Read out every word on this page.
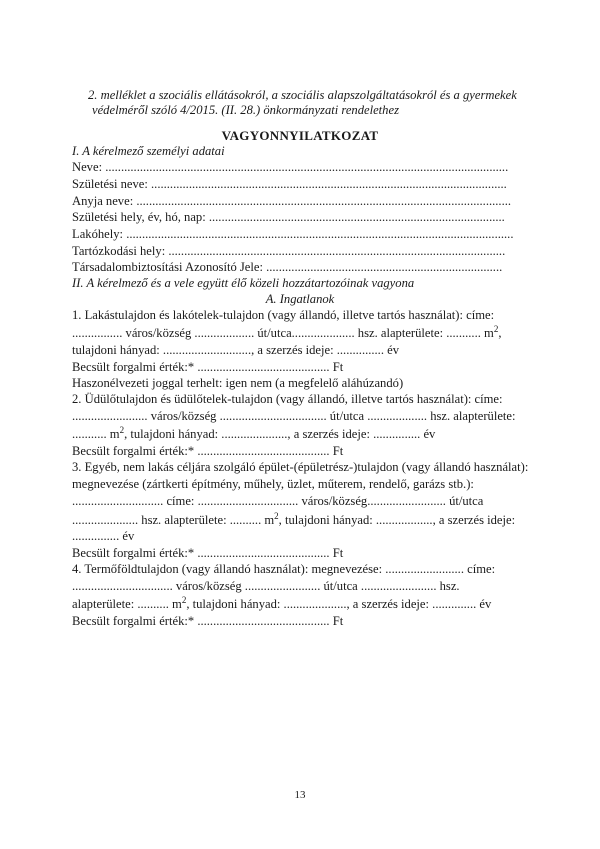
2. melléklet a szociális ellátásokról, a szociális alapszolgáltatásokról és a gyermekek
védelméről szóló 4/2015. (II. 28.) önkormányzati rendelethez
VAGYONNYILATKOZAT
I. A kérelmező személyi adatai
Neve: ................................................................................................................................
Születési neve: .................................................................................................................
Anyja neve: .......................................................................................................................
Születési hely, év, hó, nap: ..............................................................................................
Lakóhely: ...........................................................................................................................
Tartózkodási hely: ...........................................................................................................
Társadalombiztosítási Azonosító Jele: ...........................................................................
II. A kérelmező és a vele együtt élő közeli hozzátartozóinak vagyona
A. Ingatlanok
1. Lakástulajdon és lakótelek-tulajdon (vagy állandó, illetve tartós használat): címe:
................ város/község ................... út/utca.................... hsz. alapterülete: ........... $m^2$,
tulajdoni hányad: ............................, a szerzés ideje: ............... év
Becsült forgalmi érték:* .......................................... Ft
Haszonélvezeti joggal terhelt: igen nem (a megfelelő aláhúzandó)
2. Üdülőtulajdon és üdülőtelek-tulajdon (vagy állandó, illetve tartós használat): címe:
........................ város/község .................................. út/utca ................... hsz. alapterülete:
........... $m^2$, tulajdoni hányad: ....................., a szerzés ideje: ............... év
Becsült forgalmi érték:* .......................................... Ft
3. Egyéb, nem lakás céljára szolgáló épület-(épületrész-)tulajdon (vagy állandó használat):
megnevezése (zártkerti építmény, műhely, üzlet, műterem, rendelő, garázs stb.):
............................. címe: ................................ város/község......................... út/utca
..................... hsz. alapterülete: .......... $m^2$, tulajdoni hányad: .................., a szerzés ideje:
............... év
Becsült forgalmi érték:* .......................................... Ft
4. Termőföldtulajdon (vagy állandó használat): megnevezése: ......................... címe:
................................ város/község ........................ út/utca ........................ hsz.
alapterülete: .......... $m^2$, tulajdoni hányad: ...................., a szerzés ideje: .............. év
Becsült forgalmi érték:* .......................................... Ft
13
